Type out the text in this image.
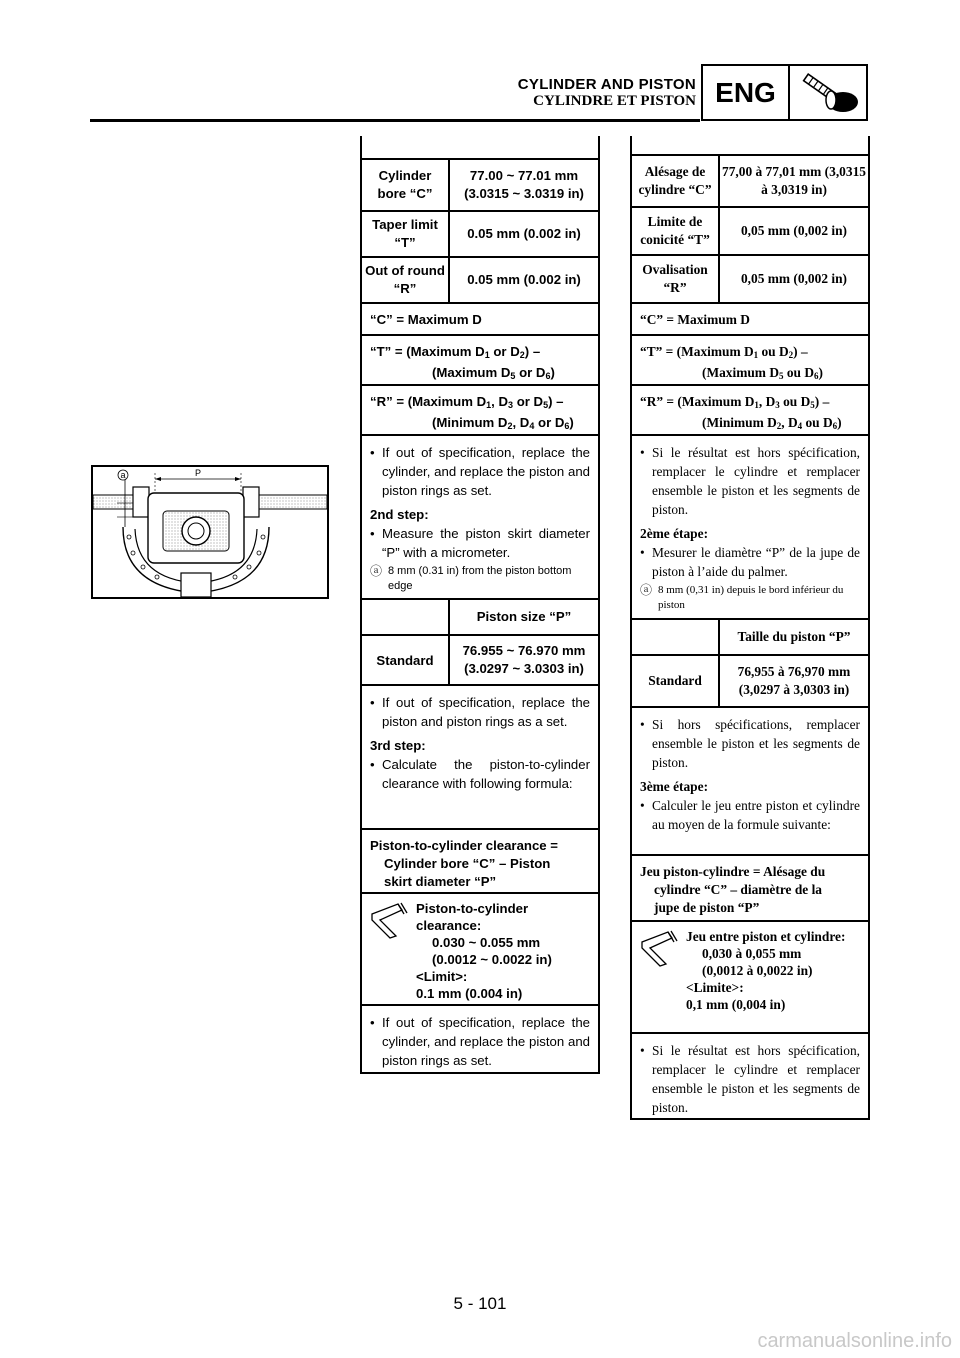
CYLINDER AND PISTON
CYLINDRE ET PISTON ENG
a	P
Cylinder bore “C”
77.00 ~ 77.01 mm (3.0315 ~ 3.0319 in)
Taper limit “T”
0.05 mm (0.002 in)
Out of round “R”
0.05 mm (0.002 in)
“C” = Maximum D
“T” = (Maximum $D_1$ or $D_2$) –
(Maximum $D_5$ or $D_6$)
“R” = (Maximum $D_1$, $D_3$ or $D_5$) –
(Minimum $D_2$, $D_4$ or $D_6$)
• If out of specification, replace the cylinder, and replace the piston and piston rings as set.
2nd step:
• Measure the piston skirt diameter “P” with a micrometer.
ⓐ 8 mm (0.31 in) from the piston bottom edge
Piston size “P”
Standard
76.955 ~ 76.970 mm (3.0297 ~ 3.0303 in)
• If out of specification, replace the piston and piston rings as a set.
3rd step:
• Calculate the piston-to-cylinder clearance with following formula:
Piston-to-cylinder clearance =
Cylinder bore “C” – Piston
skirt diameter “P”
Piston-to-cylinder clearance:
0.030 ~ 0.055 mm
(0.0012 ~ 0.0022 in)
<Limit>:
0.1 mm (0.004 in)
• If out of specification, replace the cylinder, and replace the piston and piston rings as set.
Alésage de cylindre “C”
77,00 à 77,01 mm (3,0315 à 3,0319 in)
Limite de conicité “T”
0,05 mm (0,002 in)
Ovalisation “R”
0,05 mm (0,002 in)
“C” = Maximum D
“T” = (Maximum $D_1$ ou $D_2$) –
(Maximum $D_5$ ou $D_6$)
“R” = (Maximum $D_1$, $D_3$ ou $D_5$) –
(Minimum $D_2$, $D_4$ ou $D_6$)
• Si le résultat est hors spécification, remplacer le cylindre et remplacer ensemble le piston et les segments de piston.
2ème étape:
• Mesurer le diamètre “P” de la jupe de piston à l’aide du palmer.
ⓐ 8 mm (0,31 in) depuis le bord inférieur du piston
Taille du piston “P”
Standard
76,955 à 76,970 mm (3,0297 à 3,0303 in)
• Si hors spécifications, remplacer ensemble le piston et les segments de piston.
3ème étape:
• Calculer le jeu entre piston et cylindre au moyen de la formule suivante:
Jeu piston-cylindre = Alésage du
cylindre “C” – diamètre de la
jupe de piston “P”
Jeu entre piston et cylindre:
0,030 à 0,055 mm
(0,0012 à 0,0022 in)
<Limite>:
0,1 mm (0,004 in)
• Si le résultat est hors spécification, remplacer le cylindre et remplacer ensemble le piston et les segments de piston.
5 - 101
carmanualsonline.info
